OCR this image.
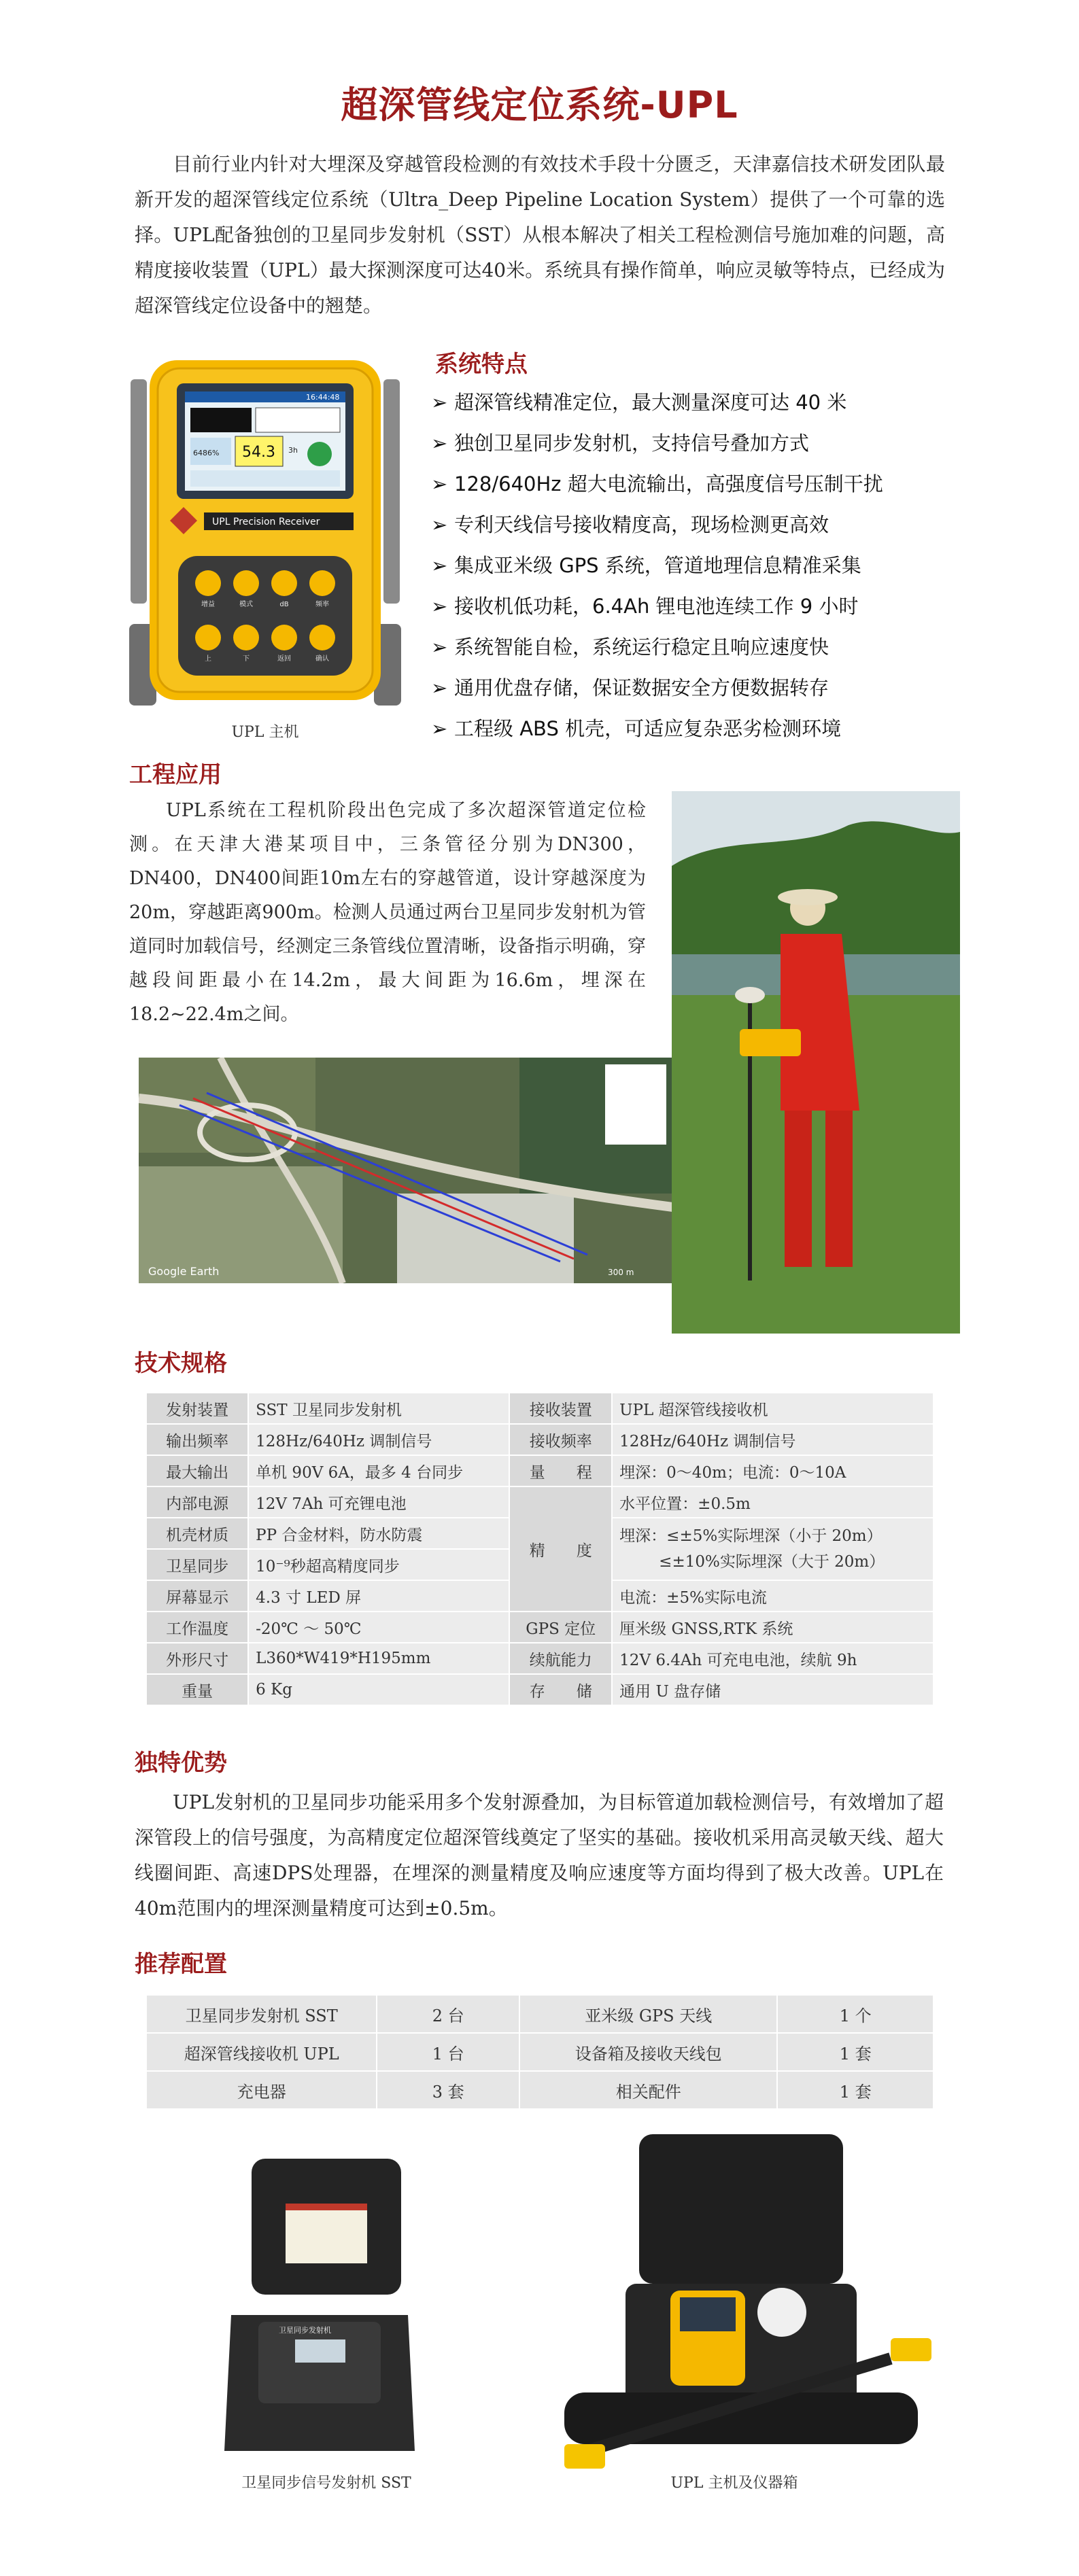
超深管线定位系统-UPL
目前行业内针对大埋深及穿越管段检测的有效技术手段十分匮乏，天津嘉信技术研发团队最新开发的超深管线定位系统（Ultra_Deep Pipeline Location System）提供了一个可靠的选择。UPL配备独创的卫星同步发射机（SST）从根本解决了相关工程检测信号施加难的问题，高精度接收装置（UPL）最大探测深度可达40米。系统具有操作简单，响应灵敏等特点，已经成为超深管线定位设备中的翘楚。
16:44:48
54.3
6486%	3h
UPL Precision Receiver
增益	模式	dB	频率
上	下	返回	确认
UPL 主机
系统特点
➢ 超深管线精准定位，最大测量深度可达 40 米
➢ 独创卫星同步发射机，支持信号叠加方式
➢ 128/640Hz 超大电流输出，高强度信号压制干扰
➢ 专利天线信号接收精度高，现场检测更高效
➢ 集成亚米级 GPS 系统，管道地理信息精准采集
➢ 接收机低功耗，6.4Ah 锂电池连续工作 9 小时
➢ 系统智能自检，系统运行稳定且响应速度快
➢ 通用优盘存储，保证数据安全方便数据转存
➢ 工程级 ABS 机壳，可适应复杂恶劣检测环境
工程应用
UPL系统在工程机阶段出色完成了多次超深管道定位检测。在天津大港某项目中，三条管径分别为DN300，DN400，DN400间距10m左右的穿越管道，设计穿越深度为20m，穿越距离900m。检测人员通过两台卫星同步发射机为管道同时加载信号，经测定三条管线位置清晰，设备指示明确，穿越段间距最小在14.2m，最大间距为16.6m，埋深在18.2~22.4m之间。
Google Earth	300 m
技术规格
发射装置	SST 卫星同步发射机	接收装置	UPL 超深管线接收机
输出频率	128Hz/640Hz 调制信号	接收频率	128Hz/640Hz 调制信号
最大输出	单机 90V 6A，最多 4 台同步	量　　程	埋深：0～40m；电流：0～10A
内部电源	12V 7Ah 可充锂电池	精　　度	水平位置：±0.5m
机壳材质	PP 合金材料，防水防震		埋深：≤±5%实际埋深（小于 20m）
≤±10%实际埋深（大于 20m）

卫星同步	10⁻⁹秒超高精度同步		
屏幕显示	4.3 寸 LED 屏		电流：±5%实际电流
工作温度	-20℃ ～ 50℃	GPS 定位	厘米级 GNSS,RTK 系统
外形尺寸	L360*W419*H195mm	续航能力	12V 6.4Ah 可充电电池，续航 9h
重量	6 Kg	存　　储	通用 U 盘存储
独特优势
UPL发射机的卫星同步功能采用多个发射源叠加，为目标管道加载检测信号，有效增加了超深管段上的信号强度，为高精度定位超深管线奠定了坚实的基础。接收机采用高灵敏天线、超大线圈间距、高速DPS处理器，在埋深的测量精度及响应速度等方面均得到了极大改善。UPL在40m范围内的埋深测量精度可达到±0.5m。
推荐配置
卫星同步发射机 SST	2 台	亚米级 GPS 天线	1 个
超深管线接收机 UPL	1 台	设备箱及接收天线包	1 套
充电器	3 套	相关配件	1 套
卫星同步发射机
卫星同步信号发射机 SST	UPL 主机及仪器箱
